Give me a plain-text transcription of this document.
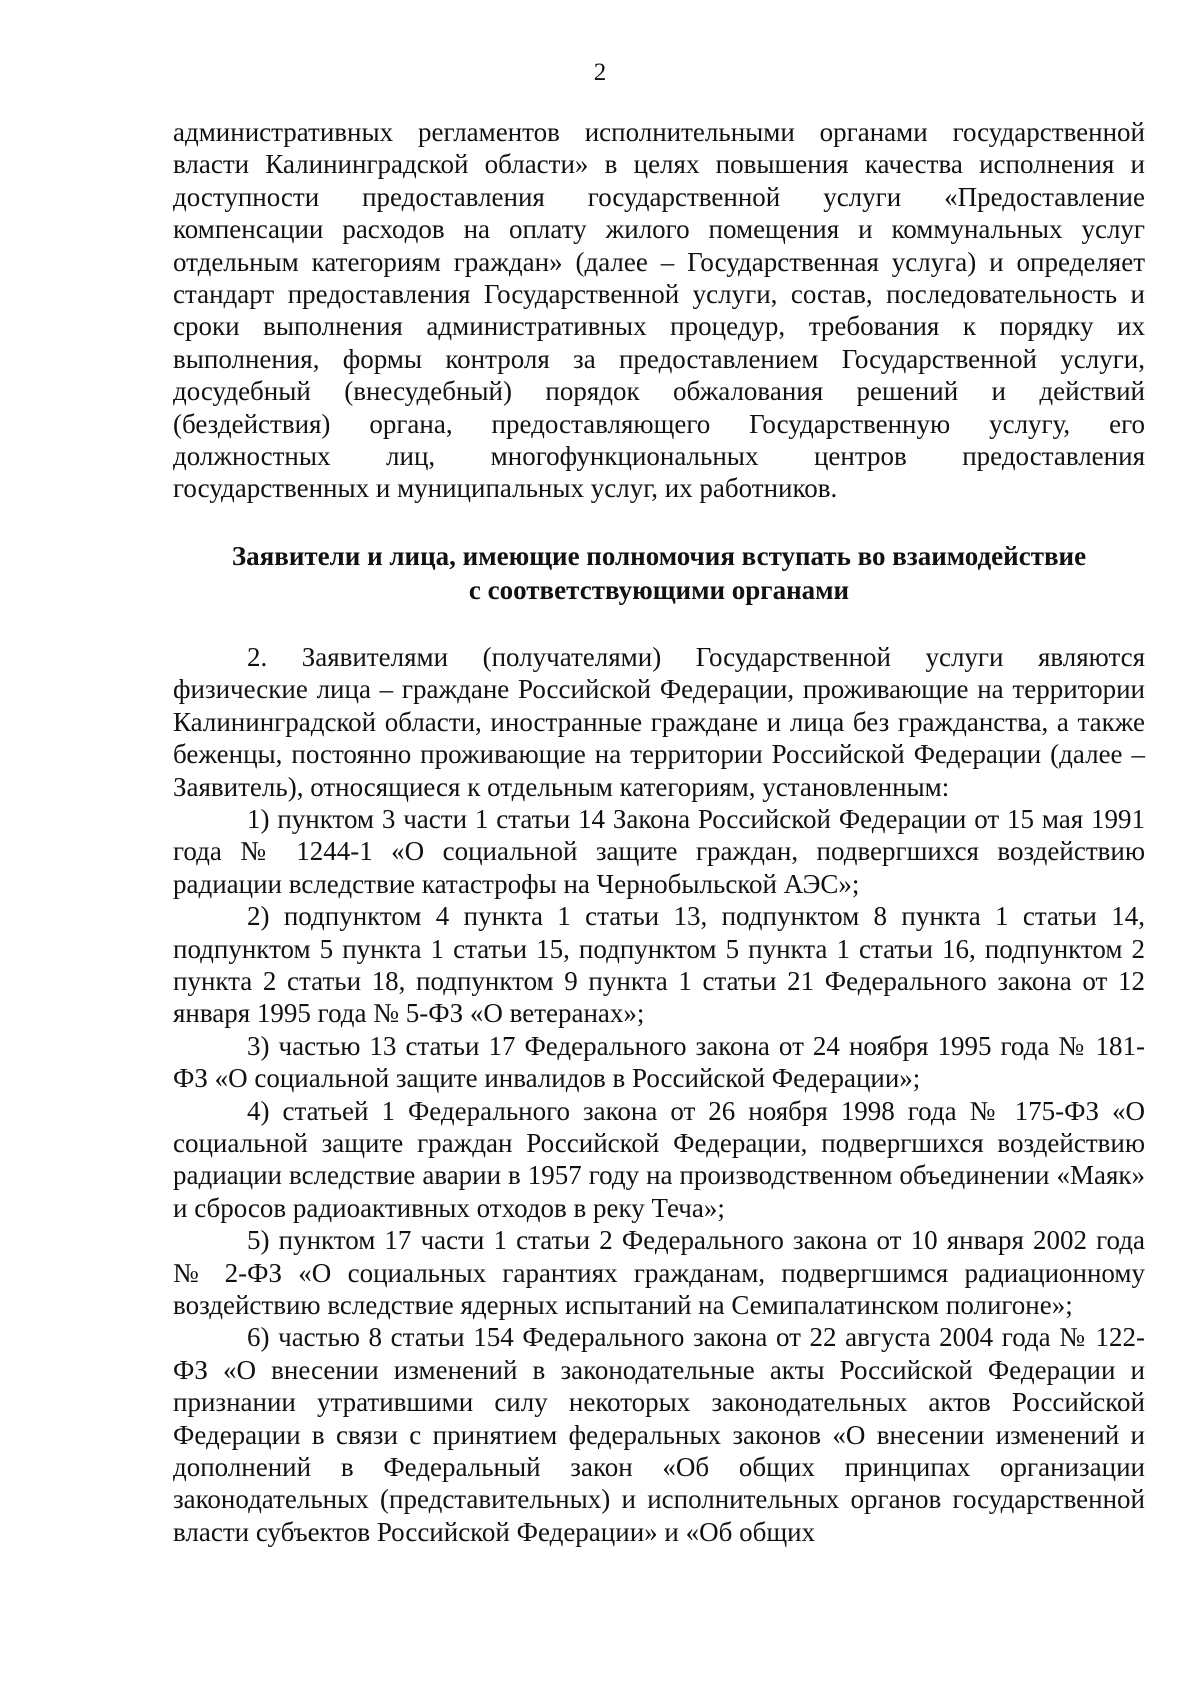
2

административных регламентов исполнительными органами государственной власти Калининградской области» в целях повышения качества исполнения и доступности предоставления государственной услуги «Предоставление компенсации расходов на оплату жилого помещения и коммунальных услуг отдельным категориям граждан» (далее – Государственная услуга) и определяет стандарт предоставления Государственной услуги, состав, последовательность и сроки выполнения административных процедур, требования к порядку их выполнения, формы контроля за предоставлением Государственной услуги, досудебный (внесудебный) порядок обжалования решений и действий (бездействия) органа, предоставляющего Государственную услугу, его должностных лиц, многофункциональных центров предоставления государственных и муниципальных услуг, их работников.

Заявители и лица, имеющие полномочия вступать во взаимодействие
с соответствующими органами

2. Заявителями (получателями) Государственной услуги являются физические лица – граждане Российской Федерации, проживающие на территории Калининградской области, иностранные граждане и лица без гражданства, а также беженцы, постоянно проживающие на территории Российской Федерации (далее – Заявитель), относящиеся к отдельным категориям, установленным:

1) пунктом 3 части 1 статьи 14 Закона Российской Федерации от 15 мая 1991 года № 1244-1 «О социальной защите граждан, подвергшихся воздействию радиации вследствие катастрофы на Чернобыльской АЭС»;

2) подпунктом 4 пункта 1 статьи 13, подпунктом 8 пункта 1 статьи 14, подпунктом 5 пункта 1 статьи 15, подпунктом 5 пункта 1 статьи 16, подпунктом 2 пункта 2 статьи 18, подпунктом 9 пункта 1 статьи 21 Федерального закона от 12 января 1995 года № 5-ФЗ «О ветеранах»;

3) частью 13 статьи 17 Федерального закона от 24 ноября 1995 года № 181-ФЗ «О социальной защите инвалидов в Российской Федерации»;

4) статьей 1 Федерального закона от 26 ноября 1998 года № 175-ФЗ «О социальной защите граждан Российской Федерации, подвергшихся воздействию радиации вследствие аварии в 1957 году на производственном объединении «Маяк» и сбросов радиоактивных отходов в реку Теча»;

5) пунктом 17 части 1 статьи 2 Федерального закона от 10 января 2002 года № 2-ФЗ «О социальных гарантиях гражданам, подвергшимся радиационному воздействию вследствие ядерных испытаний на Семипалатинском полигоне»;

6) частью 8 статьи 154 Федерального закона от 22 августа 2004 года № 122-ФЗ «О внесении изменений в законодательные акты Российской Федерации и признании утратившими силу некоторых законодательных актов Российской Федерации в связи с принятием федеральных законов «О внесении изменений и дополнений в Федеральный закон «Об общих принципах организации законодательных (представительных) и исполнительных органов государственной власти субъектов Российской Федерации» и «Об общих
